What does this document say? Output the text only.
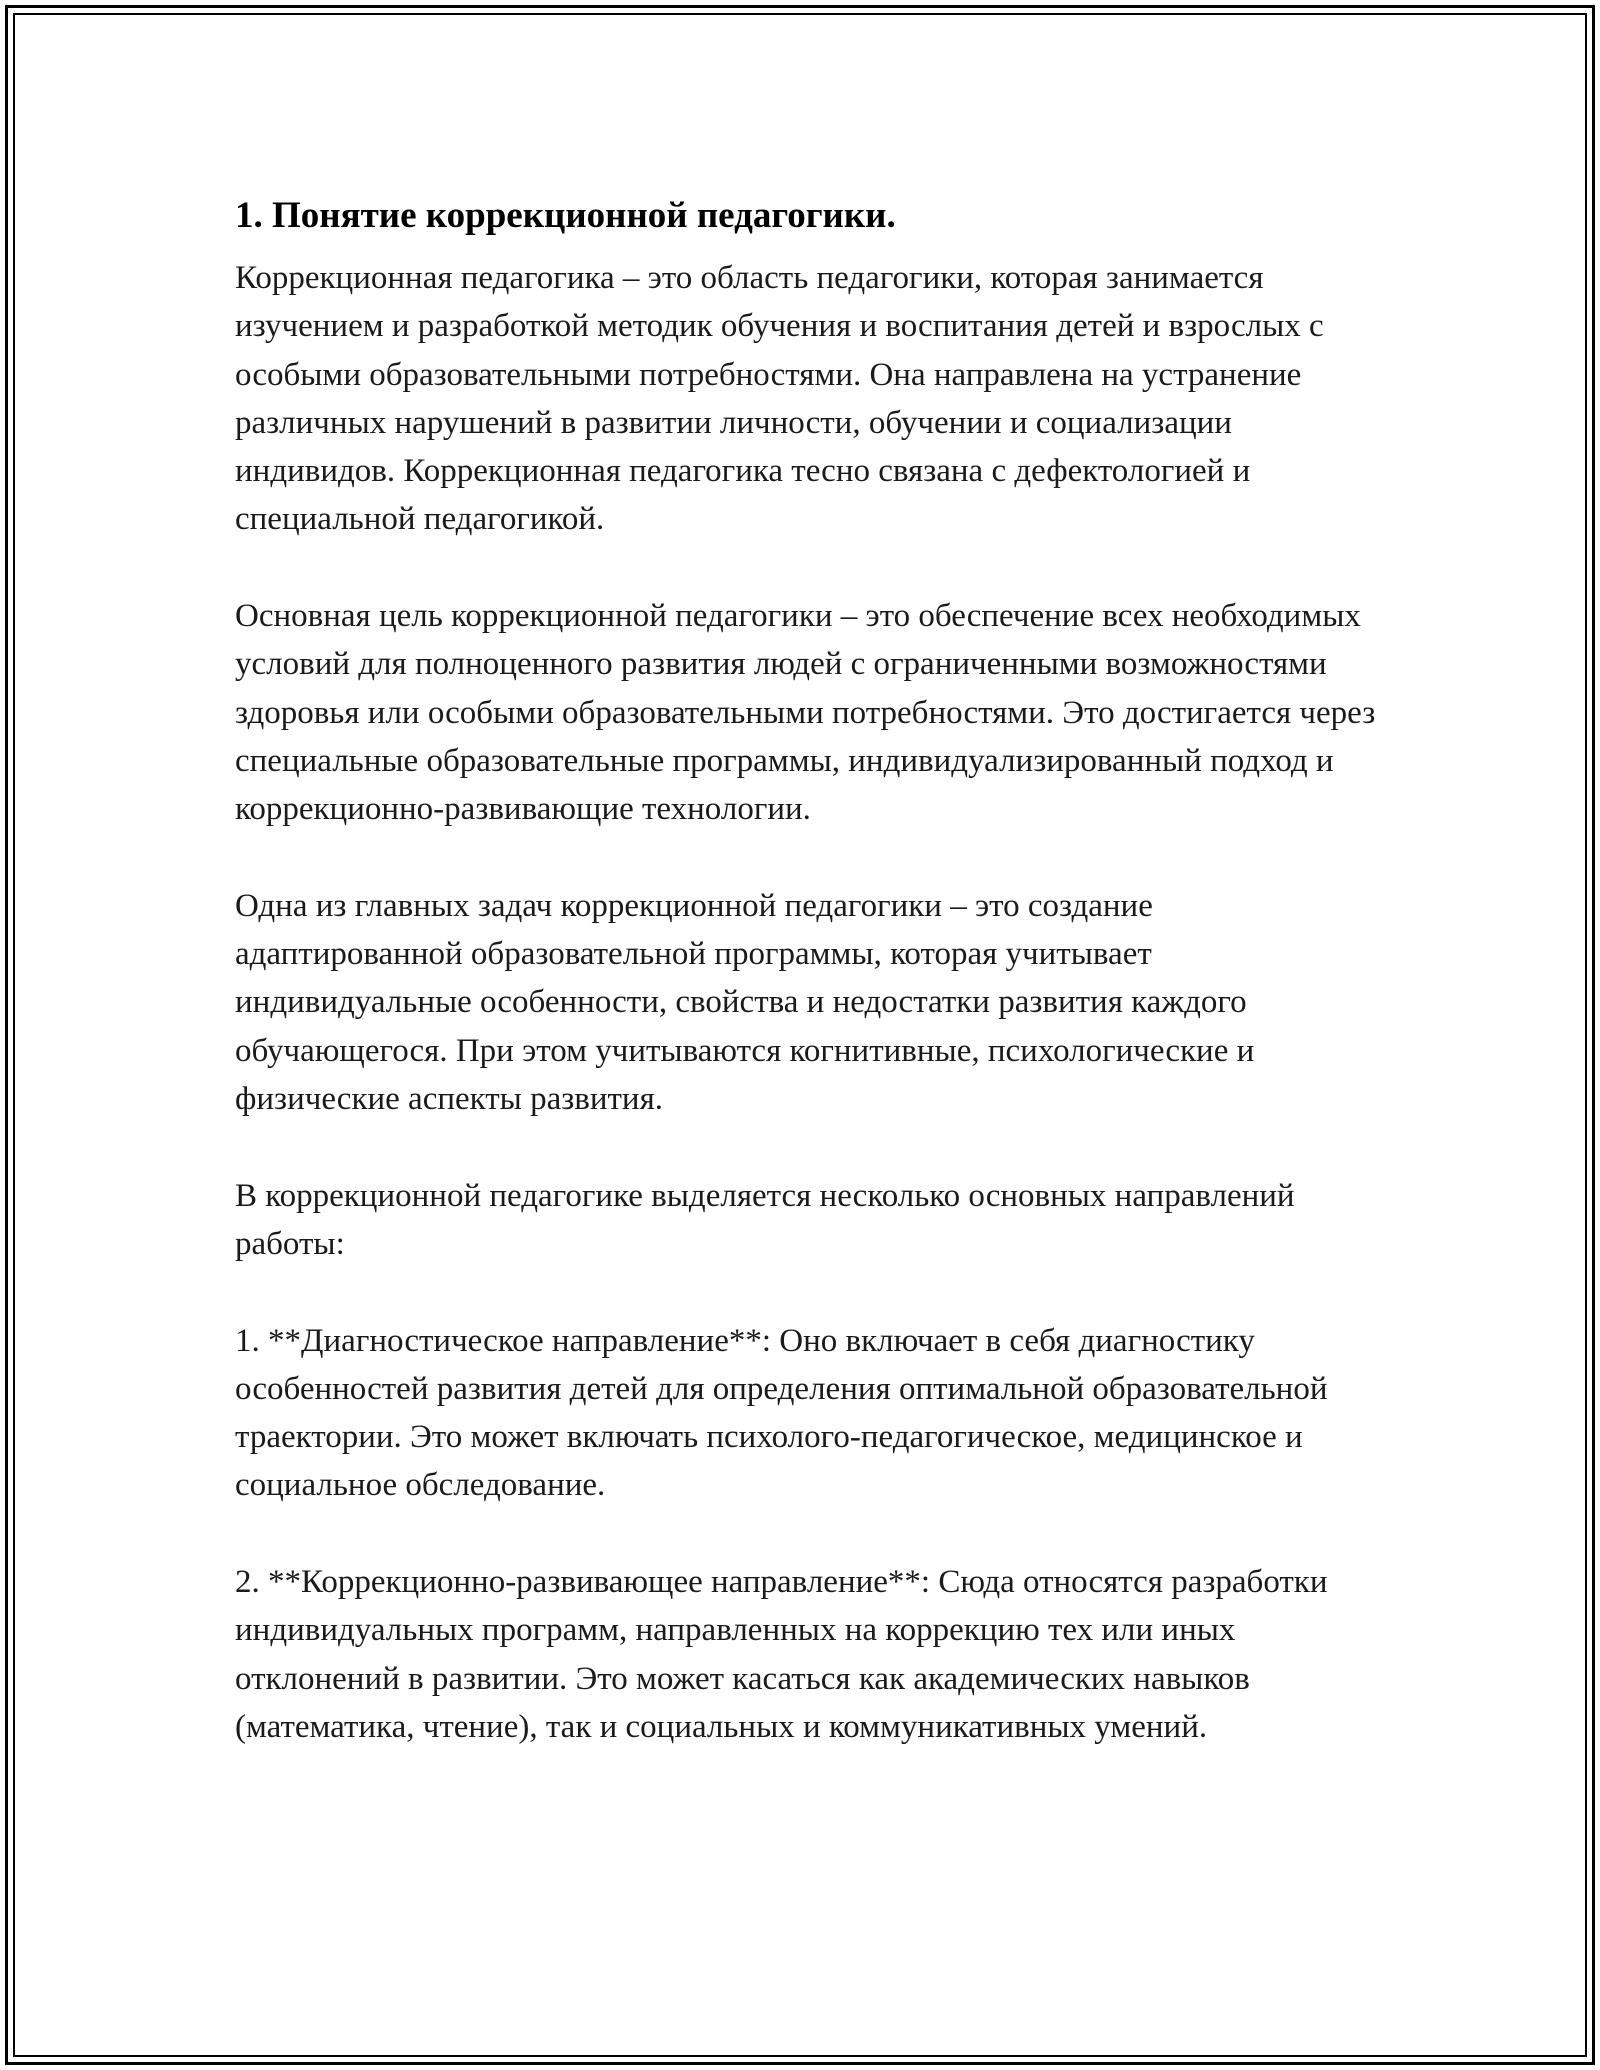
1. Понятие коррекционной педагогики.

Коррекционная педагогика – это область педагогики, которая занимается изучением и разработкой методик обучения и воспитания детей и взрослых с особыми образовательными потребностями. Она направлена на устранение различных нарушений в развитии личности, обучении и социализации индивидов. Коррекционная педагогика тесно связана с дефектологией и специальной педагогикой.

Основная цель коррекционной педагогики – это обеспечение всех необходимых условий для полноценного развития людей с ограниченными возможностями здоровья или особыми образовательными потребностями. Это достигается через специальные образовательные программы, индивидуализированный подход и коррекционно-развивающие технологии.

Одна из главных задач коррекционной педагогики – это создание адаптированной образовательной программы, которая учитывает индивидуальные особенности, свойства и недостатки развития каждого обучающегося. При этом учитываются когнитивные, психологические и физические аспекты развития.

В коррекционной педагогике выделяется несколько основных направлений работы:

1. **Диагностическое направление**: Оно включает в себя диагностику особенностей развития детей для определения оптимальной образовательной траектории. Это может включать психолого-педагогическое, медицинское и социальное обследование.

2. **Коррекционно-развивающее направление**: Сюда относятся разработки индивидуальных программ, направленных на коррекцию тех или иных отклонений в развитии. Это может касаться как академических навыков (математика, чтение), так и социальных и коммуникативных умений.
